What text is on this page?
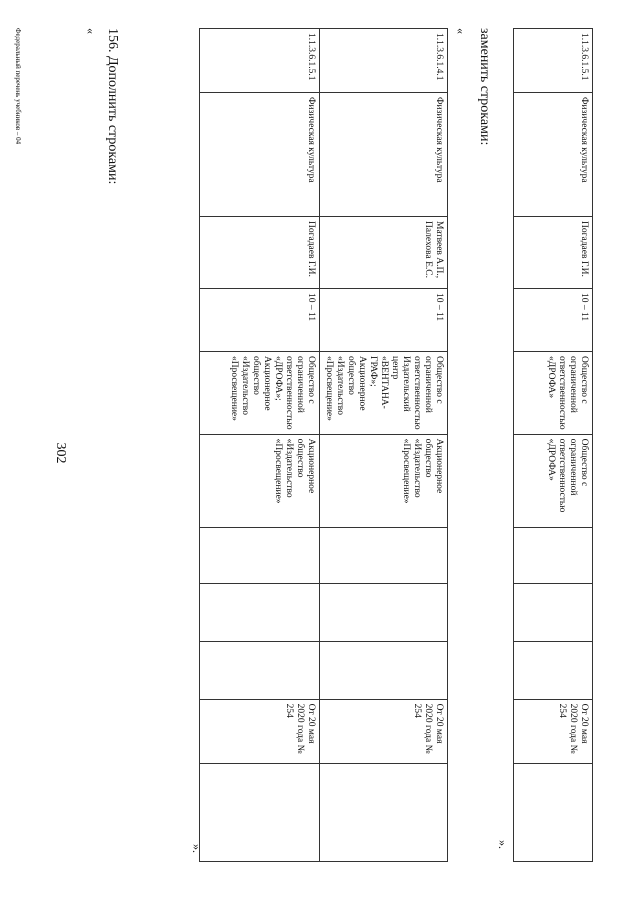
302
1.1.3.6.1.5.1	Физическая культура	Погадаев Г.И.	10 – 11	Общество с ограниченной ответственностью «ДРОФА»	Общество с ограниченной ответственностью «ДРОФА»				От 20 мая 2020 года № 254	
».
заменить строками:
«
1.1.3.6.1.4.1	Физическая культура	Матвеев А.П., Палехова Е.С.	10 – 11	Общество с ограниченной ответственностью Издательский центр «ВЕНТАНА-ГРАФ»; Акционерное общество «Издательство «Просвещение»	Акционерное общество «Издательство «Просвещение»				От 20 мая 2020 года № 254	
1.1.3.6.1.5.1	Физическая культура	Погадаев Г.И.	10 – 11	Общество с ограниченной ответственностью «ДРОФА»; Акционерное общество «Издательство «Просвещение»	Акционерное общество «Издательство «Просвещение»				От 20 мая 2020 года № 254	
».
156. Дополнить строками:
«
Федеральный перечень учебников – 04
